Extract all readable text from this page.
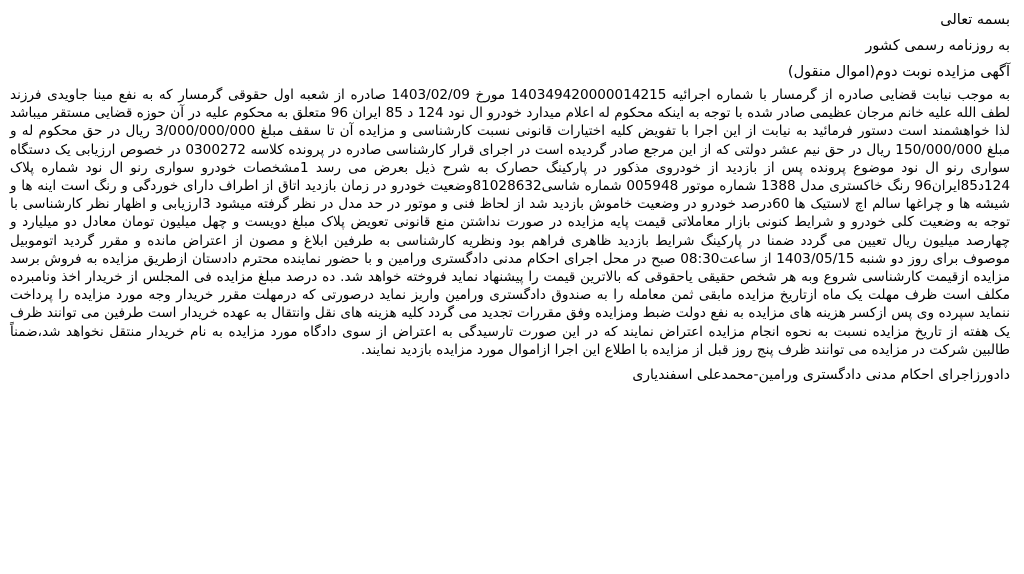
بسمه تعالی
به روزنامه رسمی کشور
آگهی مزایده نوبت دوم(اموال منقول)

به موجب نیابت قضایی صادره از گرمسار با شماره اجرائیه 140349420000014215 مورخ 1403/02/09 صادره از شعبه اول حقوقی گرمسار که به نفع مینا جاویدی فرزند لطف الله علیه خانم مرجان عظیمی صادر شده با توجه به اینکه محکوم له اعلام میدارد خودرو ال نود 124 د 85 ایران 96 متعلق به محکوم علیه در آن حوزه قضایی مستقر میباشد لذا خواهشمند است دستور فرمائید به نیابت از این اجرا با تفویض کلیه اختیارات قانونی نسبت کارشناسی و مزایده آن تا سقف مبلغ 3/000/000/000 ریال در حق محکوم له و مبلغ 150/000/000 ریال در حق نیم عشر دولتی که از این مرجع صادر گردیده است در اجرای قرار کارشناسی صادره در پرونده کلاسه 0300272 در خصوص ارزیابی یک دستگاه سواری رنو ال نود موضوع پرونده پس از بازدید از خودروی مذکور در پارکینگ حصارک به شرح ذیل بعرض می رسد 1مشخصات خودرو سواری رنو ال نود شماره پلاک 124د85ایران96 رنگ خاکستری مدل 1388 شماره موتور 005948 شماره شاسی81028632وضعیت خودرو در زمان بازدید اتاق از اطراف دارای خوردگی و رنگ است اینه ها و شیشه ها و چراغها سالم اچ لاستیک ها 60درصد خودرو در وضعیت خاموش بازدید شد از لحاظ فنی و موتور در حد مدل در نظر گرفته میشود 3ارزیابی و اظهار نظر کارشناسی با توجه به وضعیت کلی خودرو و شرایط کنونی بازار معاملاتی قیمت پایه مزایده در صورت نداشتن منع قانونی تعویض پلاک مبلغ دویست و چهل میلیون تومان معادل دو میلیارد و چهارصد میلیون ریال تعیین می گردد ضمنا در پارکینگ شرایط بازدید ظاهری فراهم بود ونظریه کارشناسی به طرفین ابلاغ و مصون از اعتراض مانده و مقرر گردید اتوموبیل موصوف برای روز دو شنبه 1403/05/15 از ساعت08:30 صبح در محل اجرای احکام مدنی دادگستری ورامین و با حضور نماینده محترم دادستان ازطریق مزایده به فروش برسد مزایده ازقیمت کارشناسی شروع وبه هر شخص حقیقی یاحقوقی که بالاترین قیمت را پیشنهاد نماید فروخته خواهد شد. ده درصد مبلغ مزایده فی المجلس از خریدار اخذ ونامبرده مکلف است ظرف مهلت یک ماه ازتاریخ مزایده مابقی ثمن معامله را به صندوق دادگستری ورامین واریز نماید درصورتی که درمهلت مقرر خریدار وجه مورد مزایده را پرداخت ننماید سپرده وی پس ازکسر هزینه های مزایده به نفع دولت ضبط ومزایده وفق مقررات تجدید می گردد کلیه هزینه های نقل وانتقال به عهده خریدار است طرفین می توانند ظرف یک هفته از تاریخ مزایده نسبت به نحوه انجام مزایده اعتراض نمایند که در این صورت تارسیدگی به اعتراض از سوی دادگاه مورد مزایده به نام خریدار منتقل نخواهد شد،ضمناً طالبین شرکت در مزایده می توانند ظرف پنج روز قبل از مزایده با اطلاع این اجرا ازاموال مورد مزایده بازدید نمایند.

دادورزاجرای احکام مدنی دادگستری ورامین-محمدعلی اسفندیاری
